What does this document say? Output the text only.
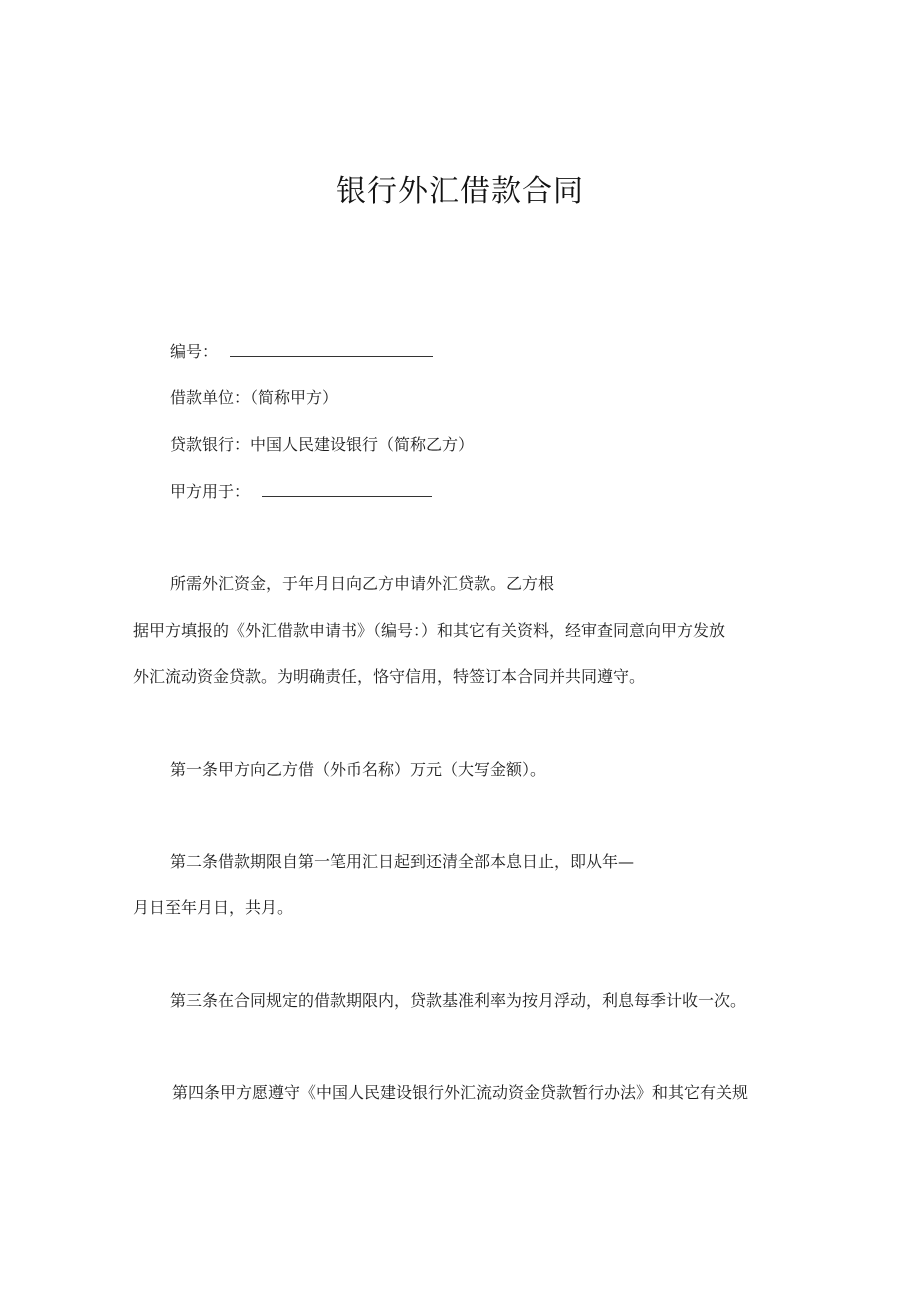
银行外汇借款合同
编号：
借款单位：（简称甲方）
贷款银行：中国人民建设银行（简称乙方）
甲方用于：
所需外汇资金，于年月日向乙方申请外汇贷款。乙方根
据甲方填报的《外汇借款申请书》（编号：）和其它有关资料，经审查同意向甲方发放
外汇流动资金贷款。为明确责任，恪守信用，特签订本合同并共同遵守。
第一条甲方向乙方借（外币名称）万元（大写金额）。
第二条借款期限自第一笔用汇日起到还清全部本息日止，即从年—
月日至年月日，共月。
第三条在合同规定的借款期限内，贷款基准利率为按月浮动，利息每季计收一次。
第四条甲方愿遵守《中国人民建设银行外汇流动资金贷款暂行办法》和其它有关规
